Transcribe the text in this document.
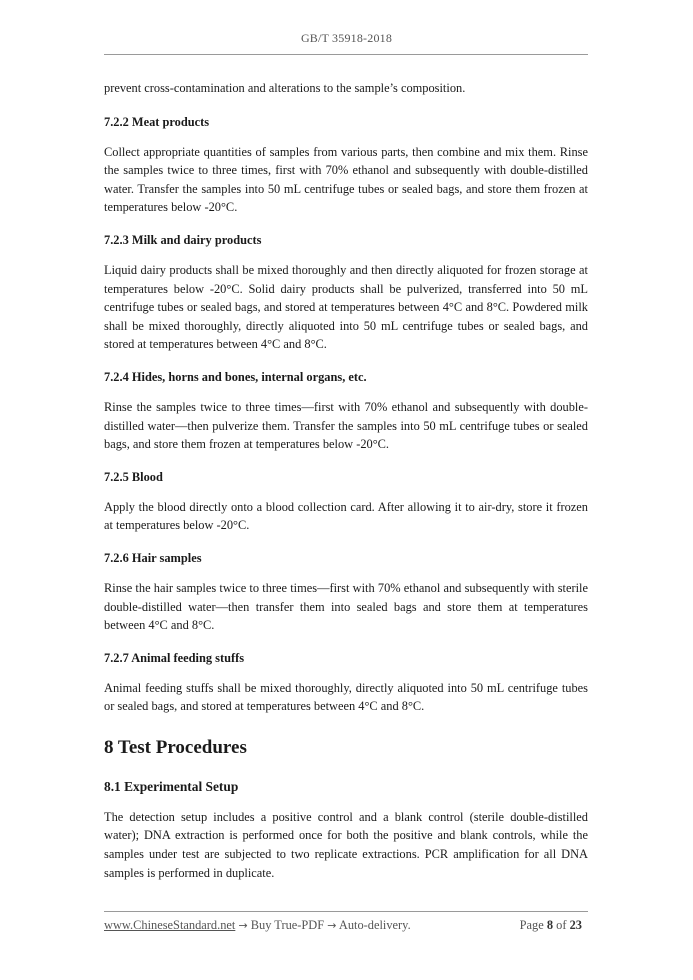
GB/T 35918-2018

prevent cross-contamination and alterations to the sample’s composition.

7.2.2 Meat products

Collect appropriate quantities of samples from various parts, then combine and mix them. Rinse the samples twice to three times, first with 70% ethanol and subsequently with double-distilled water. Transfer the samples into 50 mL centrifuge tubes or sealed bags, and store them frozen at temperatures below -20°C.

7.2.3 Milk and dairy products

Liquid dairy products shall be mixed thoroughly and then directly aliquoted for frozen storage at temperatures below -20°C. Solid dairy products shall be pulverized, transferred into 50 mL centrifuge tubes or sealed bags, and stored at temperatures between 4°C and 8°C. Powdered milk shall be mixed thoroughly, directly aliquoted into 50 mL centrifuge tubes or sealed bags, and stored at temperatures between 4°C and 8°C.

7.2.4 Hides, horns and bones, internal organs, etc.

Rinse the samples twice to three times—first with 70% ethanol and subsequently with double-distilled water—then pulverize them. Transfer the samples into 50 mL centrifuge tubes or sealed bags, and store them frozen at temperatures below -20°C.

7.2.5 Blood

Apply the blood directly onto a blood collection card. After allowing it to air-dry, store it frozen at temperatures below -20°C.

7.2.6 Hair samples

Rinse the hair samples twice to three times—first with 70% ethanol and subsequently with sterile double-distilled water—then transfer them into sealed bags and store them at temperatures between 4°C and 8°C.

7.2.7 Animal feeding stuffs

Animal feeding stuffs shall be mixed thoroughly, directly aliquoted into 50 mL centrifuge tubes or sealed bags, and stored at temperatures between 4°C and 8°C.

8 Test Procedures

8.1 Experimental Setup

The detection setup includes a positive control and a blank control (sterile double-distilled water); DNA extraction is performed once for both the positive and blank controls, while the samples under test are subjected to two replicate extractions. PCR amplification for all DNA samples is performed in duplicate.

www.ChineseStandard.net → Buy True-PDF → Auto-delivery.	Page 8 of 23
